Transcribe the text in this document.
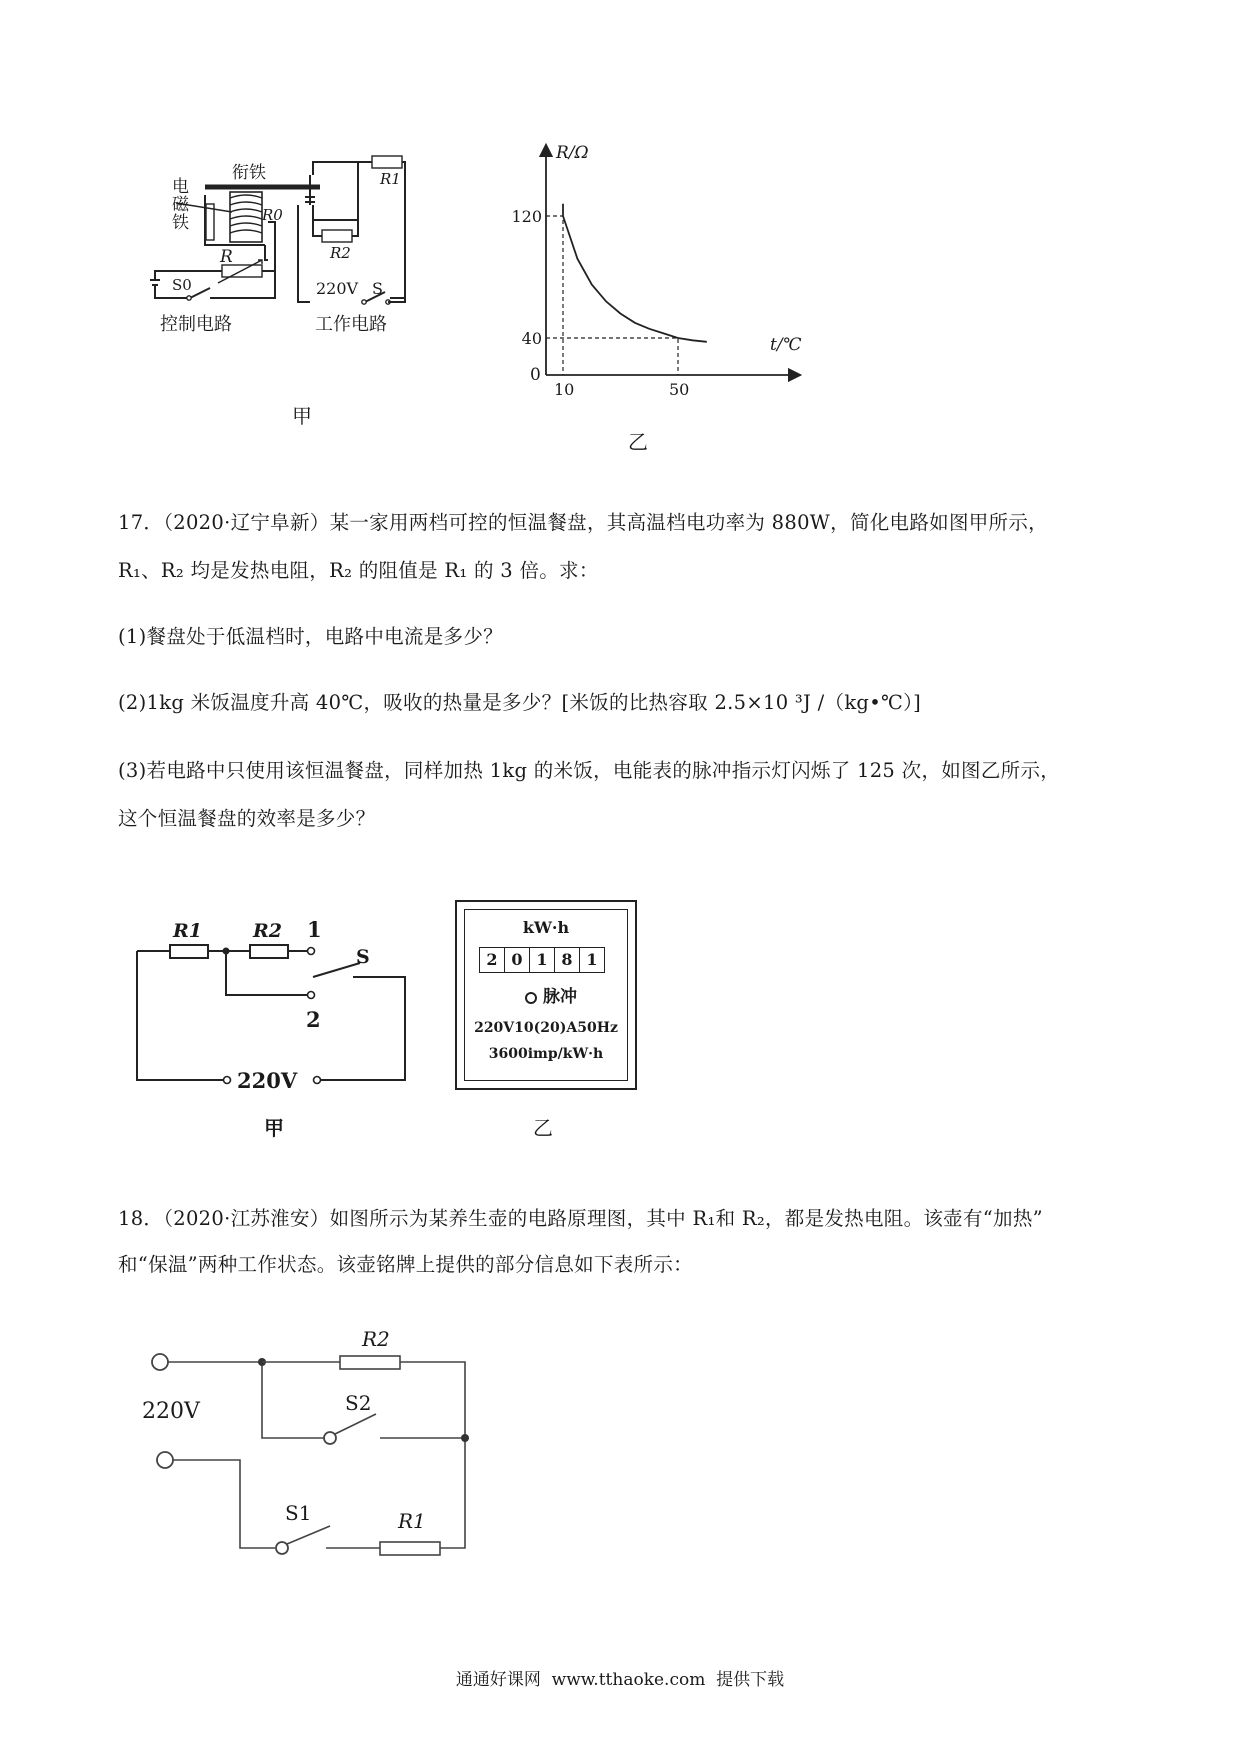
衔铁
电
磁
铁	R0
R
S0
R1
R2
220V S
控制电路	工作电路
甲
R/Ω
t/℃
0
10	50
120
40
乙
17．（2020·辽宁阜新）某一家用两档可控的恒温餐盘，其高温档电功率为 880W，简化电路如图甲所示，
R₁、R₂ 均是发热电阻，R₂ 的阻值是 R₁ 的 3 倍。求：
(1)餐盘处于低温档时，电路中电流是多少？
(2)1kg 米饭温度升高 40℃，吸收的热量是多少？[米饭的比热容取 2.5×10 ³J /（kg•℃）]
(3)若电路中只使用该恒温餐盘，同样加热 1kg 的米饭，电能表的脉冲指示灯闪烁了 125 次，如图乙所示，
这个恒温餐盘的效率是多少？
R1	R2 1
2
S
220V
甲
kW·h
2 0 1 8 1
脉冲
220V10(20)A50Hz
3600imp/kW·h
乙
18．（2020·江苏淮安）如图所示为某养生壶的电路原理图，其中 R₁和 R₂，都是发热电阻。该壶有“加热”
和“保温”两种工作状态。该壶铭牌上提供的部分信息如下表所示：
220V
R2
S2
S1	R1
通通好课网  www.tthaoke.com  提供下载
